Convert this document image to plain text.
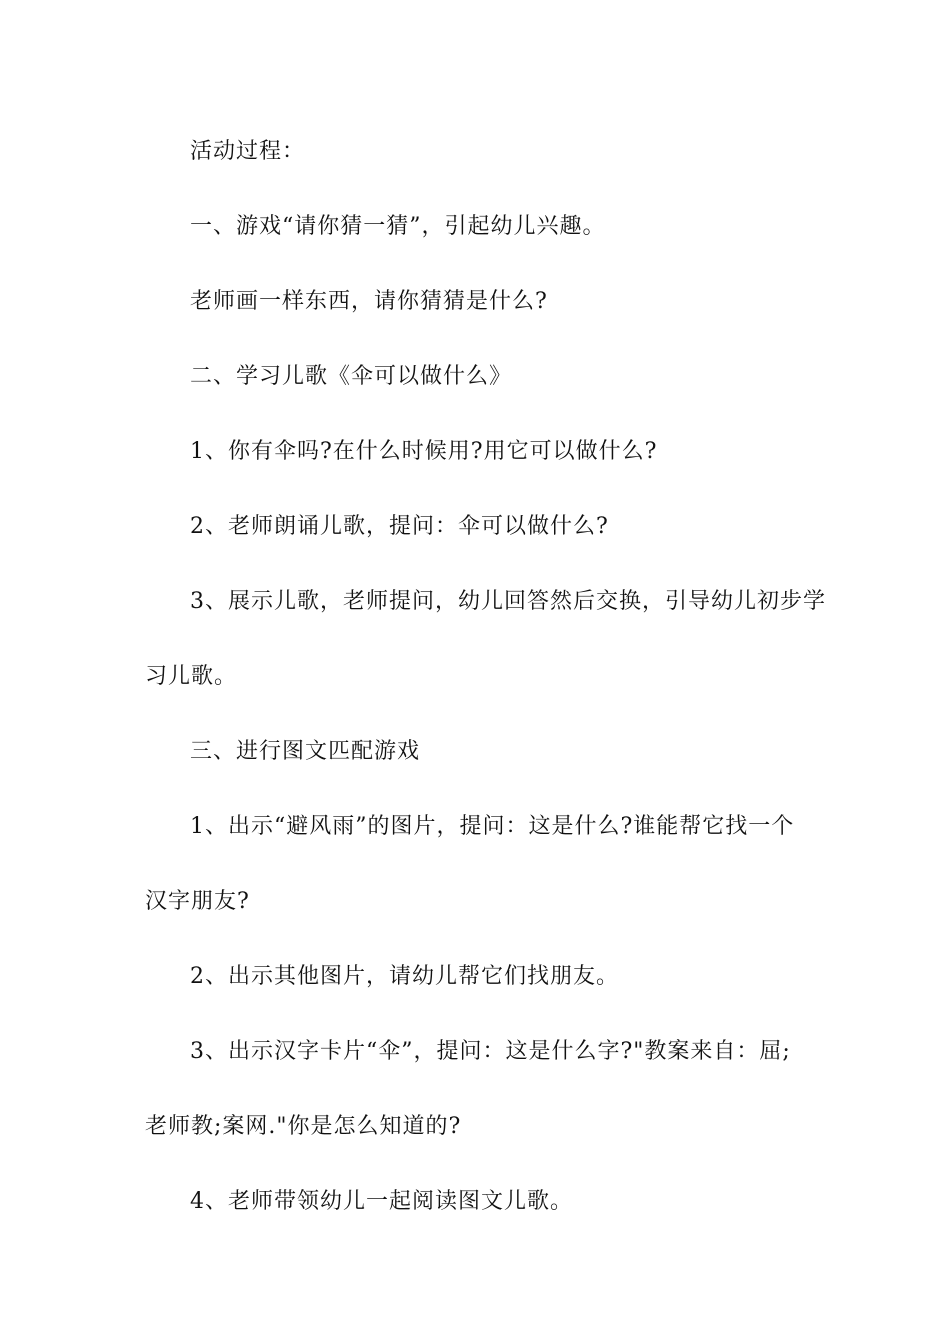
活动过程：
一、游戏“请你猜一猜”，引起幼儿兴趣。
老师画一样东西，请你猜猜是什么?
二、学习儿歌《伞可以做什么》
1、你有伞吗?在什么时候用?用它可以做什么?
2、老师朗诵儿歌，提问：伞可以做什么?
3、展示儿歌，老师提问，幼儿回答然后交换，引导幼儿初步学
习儿歌。
三、进行图文匹配游戏
1、出示“避风雨”的图片，提问：这是什么?谁能帮它找一个
汉字朋友?
2、出示其他图片，请幼儿帮它们找朋友。
3、出示汉字卡片“伞”，提问：这是什么字?"教案来自：屈;
老师教;案网."你是怎么知道的?
4、老师带领幼儿一起阅读图文儿歌。
